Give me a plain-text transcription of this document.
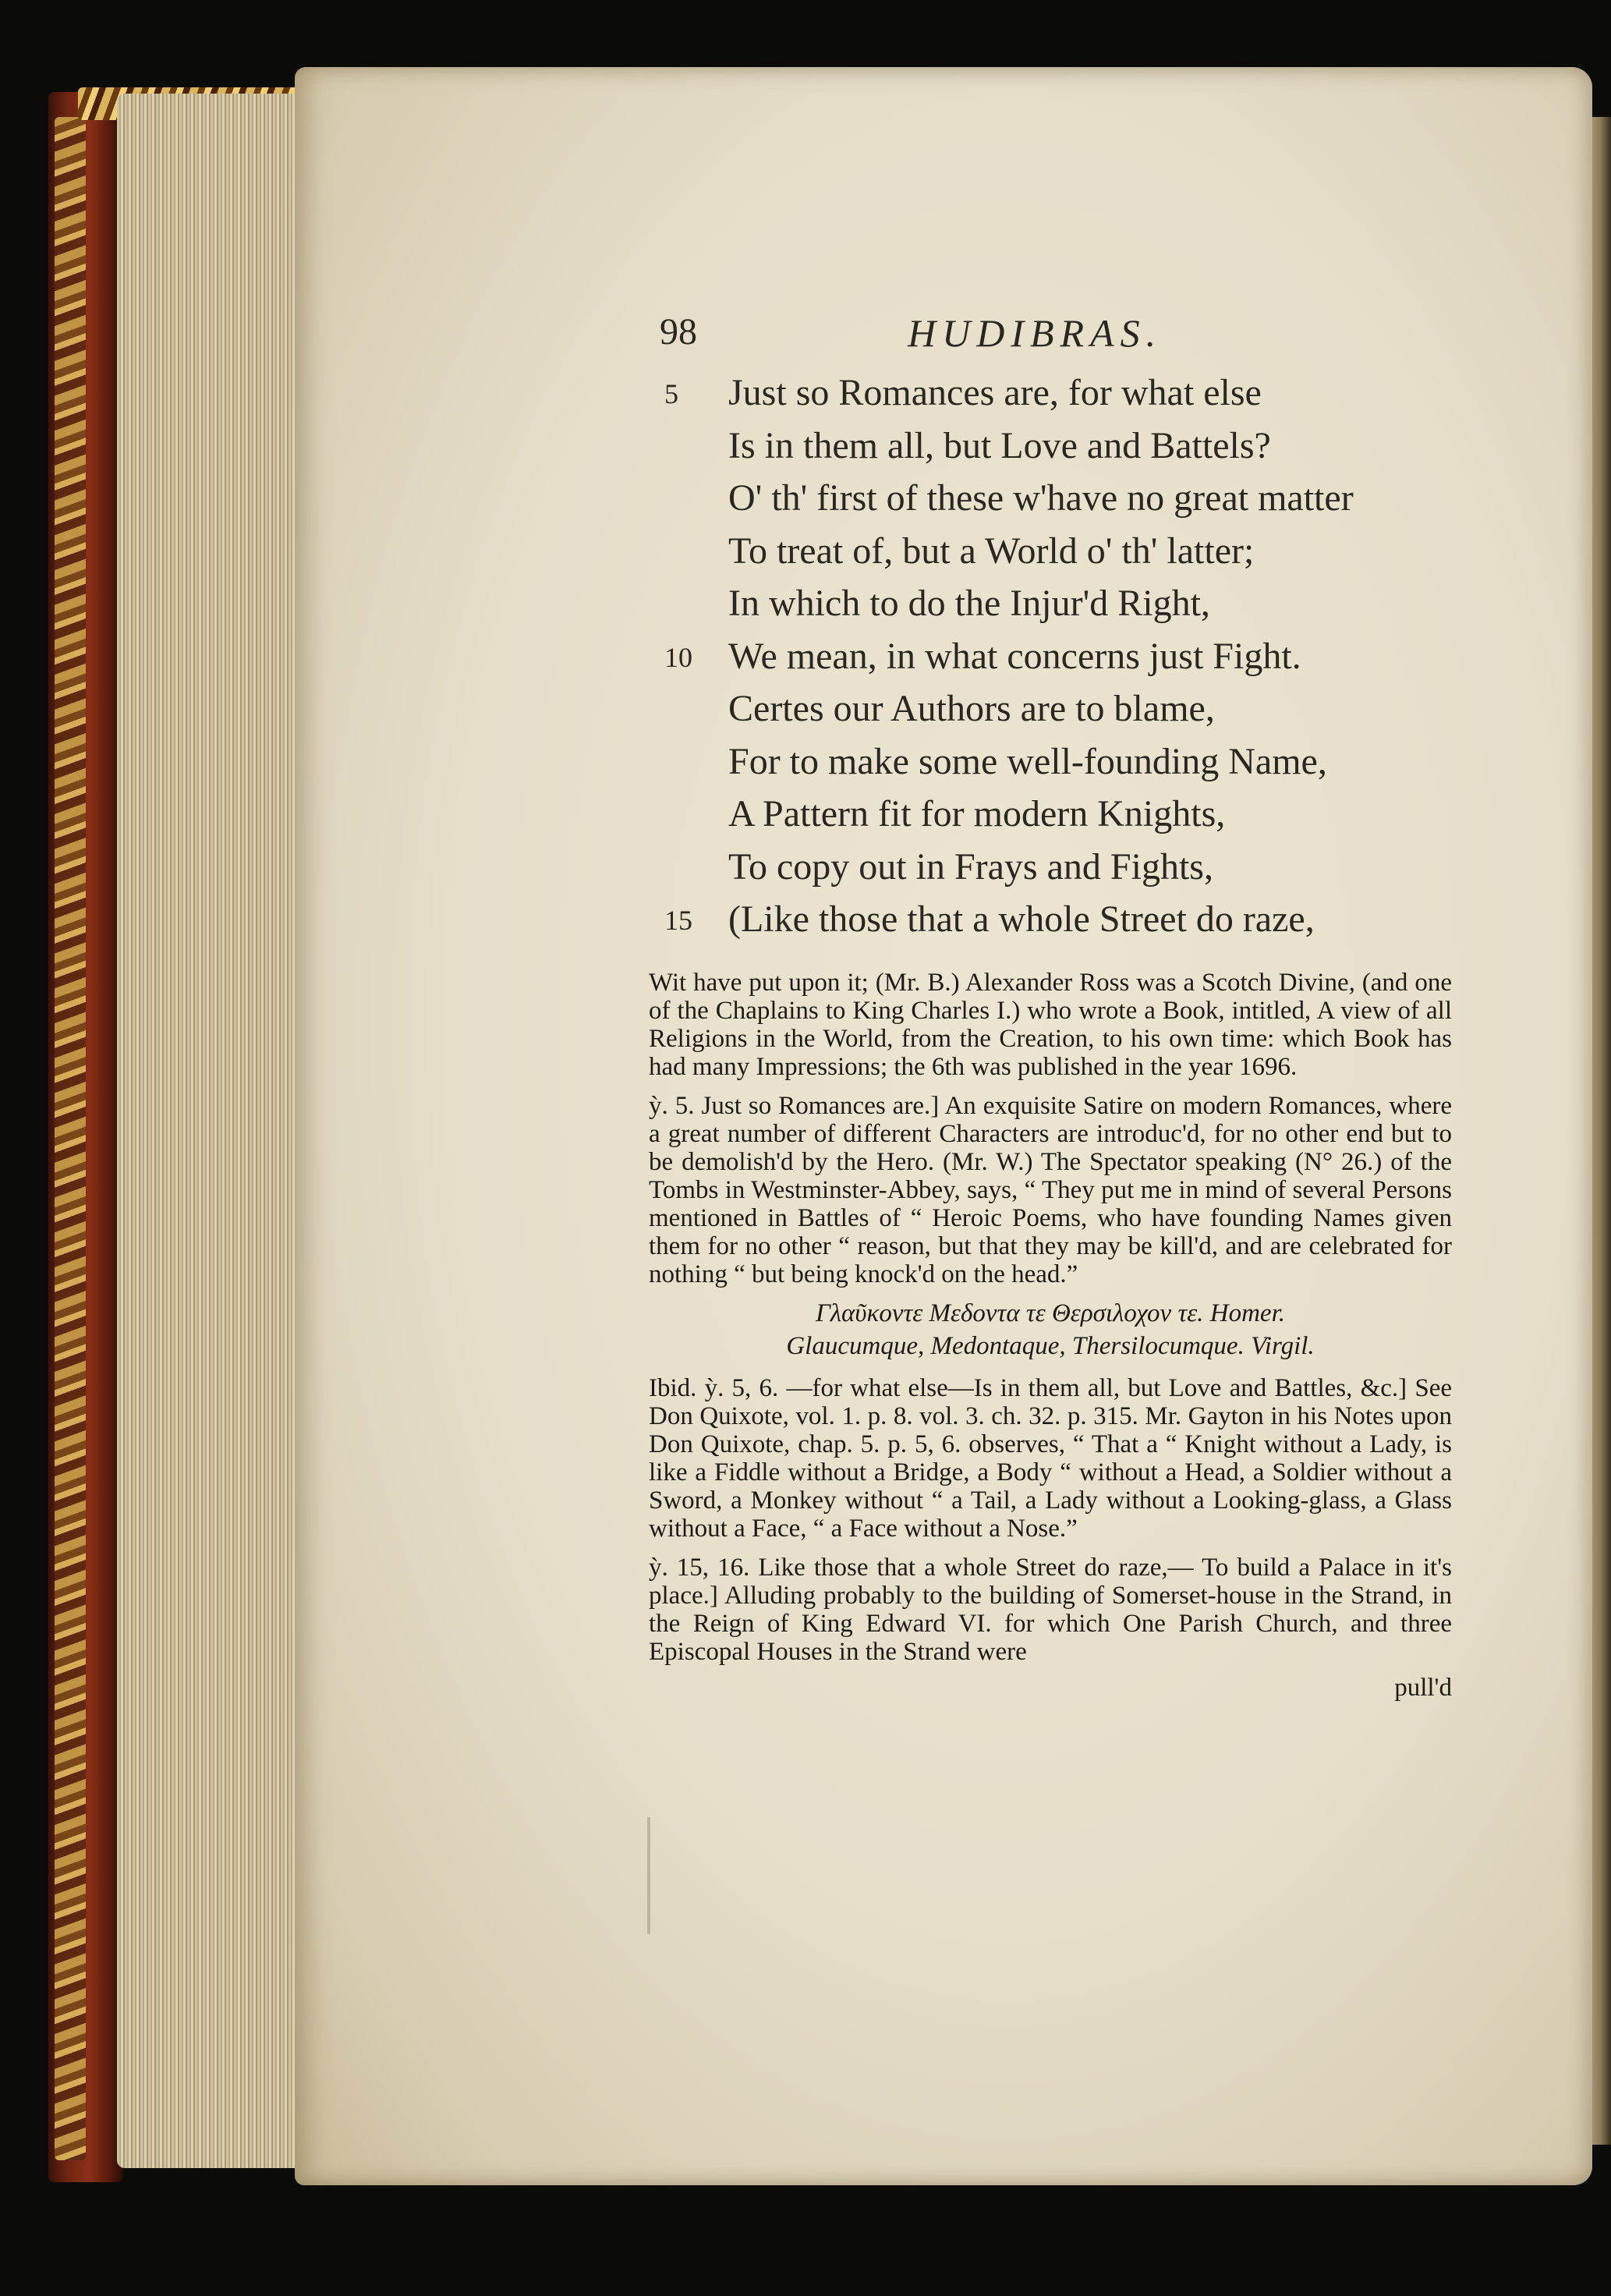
98	HUDIBRAS.
5	Just so Romances are, for what else
Is in them all, but Love and Battels?
O' th' first of these w'have no great matter
To treat of, but a World o' th' latter;
In which to do the Injur'd Right,
10 We mean, in what concerns just Fight.
Certes our Authors are to blame,
For to make some well-founding Name,
A Pattern fit for modern Knights,
To copy out in Frays and Fights,
15 (Like those that a whole Street do raze,

Wit have put upon it; (Mr. B.) Alexander Ross was a Scotch Divine, (and one of the Chaplains to King Charles I.) who wrote a Book, intitled, A view of all Religions in the World, from the Creation, to his own time: which Book has had many Impressions; the 6th was published in the year 1696.

ỳ. 5. Just so Romances are.] An exquisite Satire on modern Romances, where a great number of different Characters are introduc'd, for no other end but to be demolish'd by the Hero. (Mr. W.) The Spectator speaking (N° 26.) of the Tombs in Westminster-Abbey, says, “ They put me in mind of several Persons mentioned in Battles of “ Heroic Poems, who have founding Names given them for no other “ reason, but that they may be kill'd, and are celebrated for nothing “ but being knock'd on the head.”

Γλαῦκοντε Μεδοντα τε Θερσιλοχον τε. Homer.
Glaucumque, Medontaque, Thersilocumque. Virgil.

Ibid. ỳ. 5, 6. —for what else—Is in them all, but Love and Battles, &c.] See Don Quixote, vol. 1. p. 8. vol. 3. ch. 32. p. 315. Mr. Gayton in his Notes upon Don Quixote, chap. 5. p. 5, 6. observes, “ That a “ Knight without a Lady, is like a Fiddle without a Bridge, a Body “ without a Head, a Soldier without a Sword, a Monkey without “ a Tail, a Lady without a Looking-glass, a Glass without a Face, “ a Face without a Nose.”

ỳ. 15, 16. Like those that a whole Street do raze,— To build a Palace in it's place.] Alluding probably to the building of Somerset-house in the Strand, in the Reign of King Edward VI. for which One Parish Church, and three Episcopal Houses in the Strand were

pull'd
